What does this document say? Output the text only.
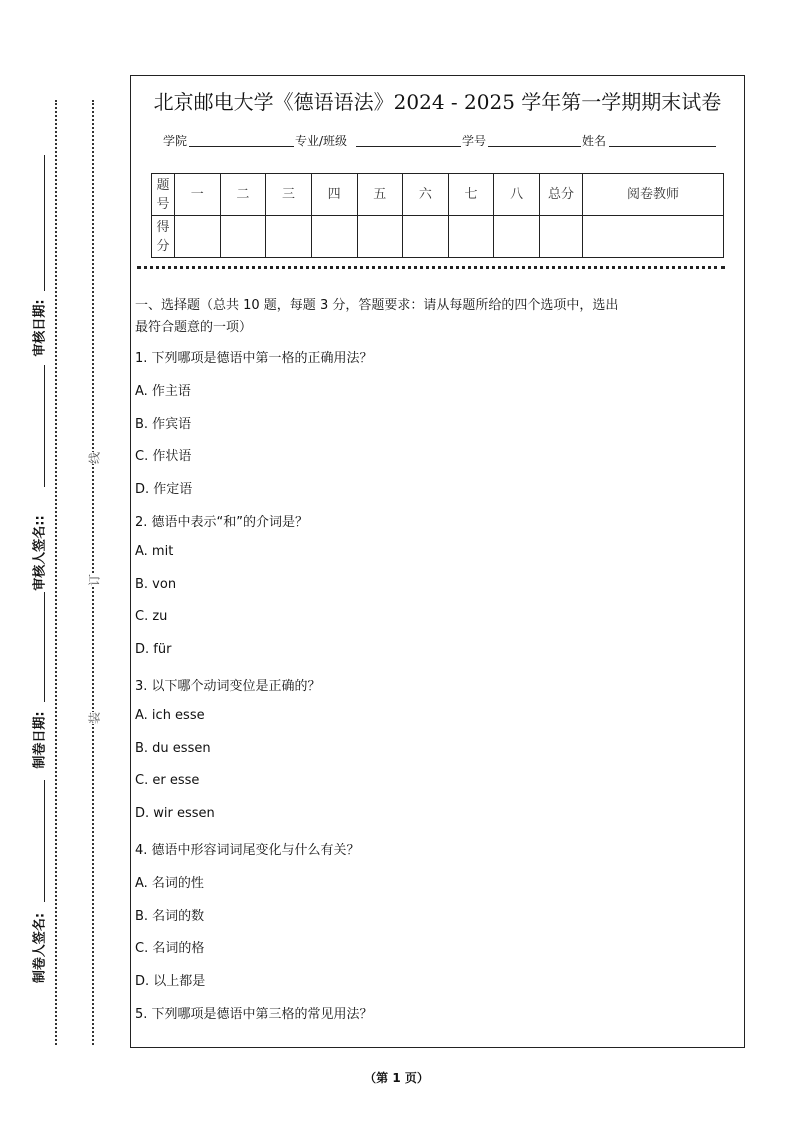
北京邮电大学《德语语法》2024 - 2025 学年第一学期期末试卷
学院	专业/班级	学号	姓名
题号	一	二	三	四	五	六	七	八	总分	阅卷教师
得分										
一、选择题（总共 10 题，每题 3 分，答题要求：请从每题所给的四个选项中，选出
最符合题意的一项）
1. 下列哪项是德语中第一格的正确用法？
A. 作主语
B. 作宾语
C. 作状语
D. 作定语
2. 德语中表示“和”的介词是？
A. mit
B. von
C. zu
D. für
3. 以下哪个动词变位是正确的？
A. ich esse
B. du essen
C. er esse
D. wir essen
4. 德语中形容词词尾变化与什么有关？
A. 名词的性
B. 名词的数
C. 名词的格
D. 以上都是
5. 下列哪项是德语中第三格的常见用法？
线
订
装
审核日期:
审核人签名::
制卷日期:
制卷人签名:
（第 1 页）
